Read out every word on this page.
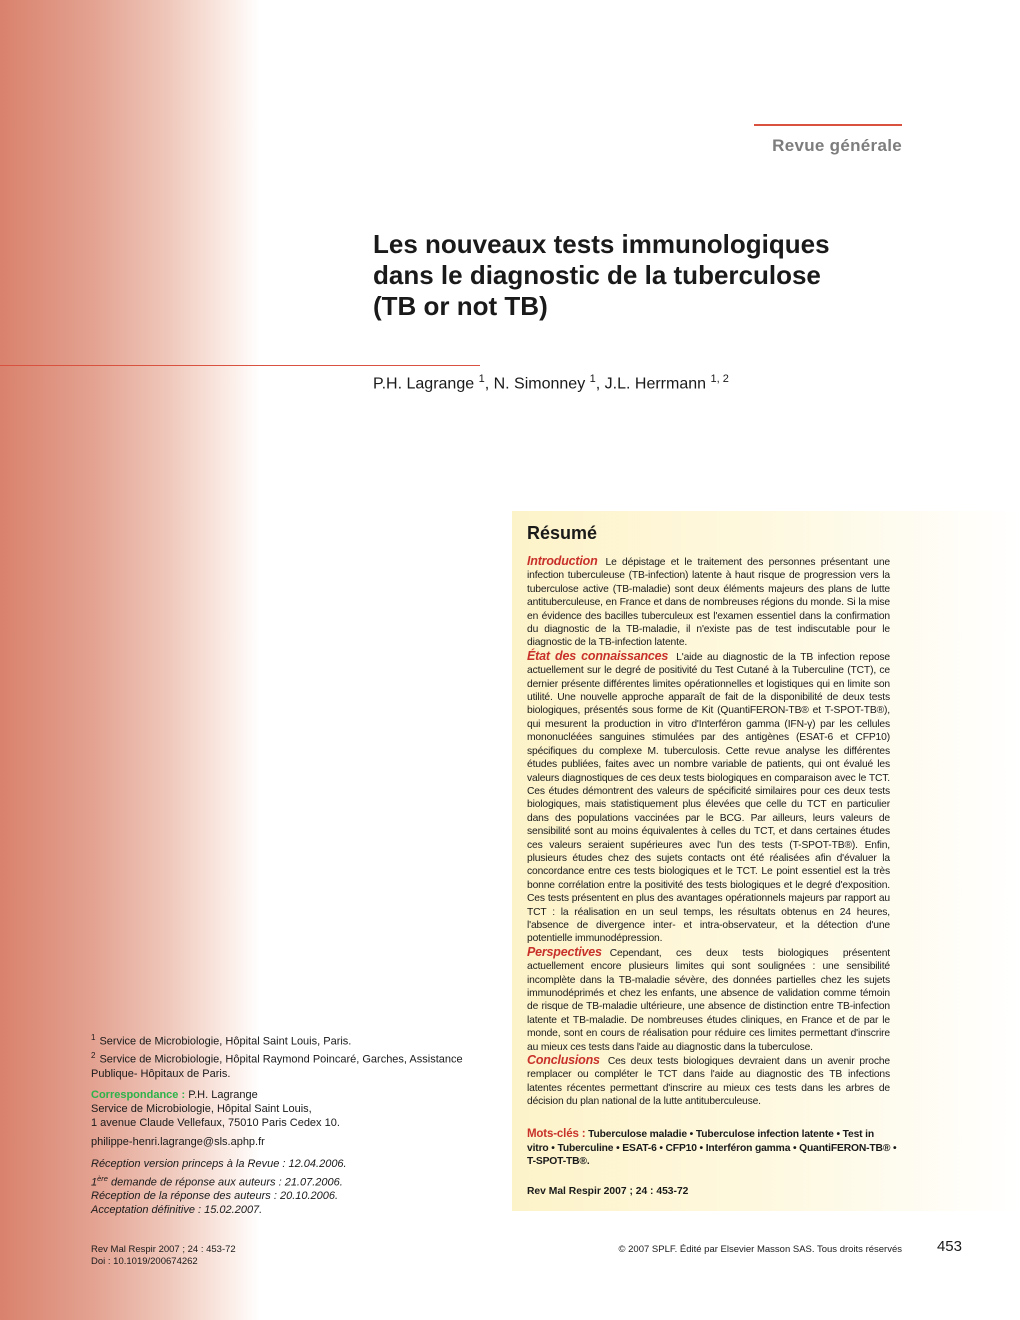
Revue générale
Les nouveaux tests immunologiques
dans le diagnostic de la tuberculose
(TB or not TB)
P.H. Lagrange $^1$, N. Simonney $^1$, J.L. Herrmann $^{1, 2}$
Résumé

Introduction Le dépistage et le traitement des personnes présentant une infection tuberculeuse (TB-infection) latente à haut risque de progression vers la tuberculose active (TB-maladie) sont deux éléments majeurs des plans de lutte antituberculeuse, en France et dans de nombreuses régions du monde. Si la mise en évidence des bacilles tuberculeux est l'examen essentiel dans la confirmation du diagnostic de la TB-maladie, il n'existe pas de test indiscutable pour le diagnostic de la TB-infection latente.

État des connaissances L'aide au diagnostic de la TB infection repose actuellement sur le degré de positivité du Test Cutané à la Tuberculine (TCT), ce dernier présente différentes limites opérationnelles et logistiques qui en limite son utilité. Une nouvelle approche apparaît de fait de la disponibilité de deux tests biologiques, présentés sous forme de Kit (QuantiFERON-TB® et T-SPOT-TB®), qui mesurent la production in vitro d'Interféron gamma (IFN-γ) par les cellules mononucléées sanguines stimulées par des antigènes (ESAT-6 et CFP10) spécifiques du complexe M. tuberculosis. Cette revue analyse les différentes études publiées, faites avec un nombre variable de patients, qui ont évalué les valeurs diagnostiques de ces deux tests biologiques en comparaison avec le TCT. Ces études démontrent des valeurs de spécificité similaires pour ces deux tests biologiques, mais statistiquement plus élevées que celle du TCT en particulier dans des populations vaccinées par le BCG. Par ailleurs, leurs valeurs de sensibilité sont au moins équivalentes à celles du TCT, et dans certaines études ces valeurs seraient supérieures avec l'un des tests (T-SPOT-TB®). Enfin, plusieurs études chez des sujets contacts ont été réalisées afin d'évaluer la concordance entre ces tests biologiques et le TCT. Le point essentiel est la très bonne corrélation entre la positivité des tests biologiques et le degré d'exposition. Ces tests présentent en plus des avantages opérationnels majeurs par rapport au TCT : la réalisation en un seul temps, les résultats obtenus en 24 heures, l'absence de divergence inter- et intra-observateur, et la détection d'une potentielle immunodépression.

Perspectives Cependant, ces deux tests biologiques présentent actuellement encore plusieurs limites qui sont soulignées : une sensibilité incomplète dans la TB-maladie sévère, des données partielles chez les sujets immunodéprimés et chez les enfants, une absence de validation comme témoin de risque de TB-maladie ultérieure, une absence de distinction entre TB-infection latente et TB-maladie. De nombreuses études cliniques, en France et de par le monde, sont en cours de réalisation pour réduire ces limites permettant d'inscrire au mieux ces tests dans l'aide au diagnostic dans la tuberculose.

Conclusions Ces deux tests biologiques devraient dans un avenir proche remplacer ou compléter le TCT dans l'aide au diagnostic des TB infections latentes récentes permettant d'inscrire au mieux ces tests dans les arbres de décision du plan national de la lutte antituberculeuse.

Mots-clés : Tuberculose maladie • Tuberculose infection latente • Test in vitro • Tuberculine • ESAT-6 • CFP10 • Interféron gamma • QuantiFERON-TB® • T-SPOT-TB®.
Rev Mal Respir 2007 ; 24 : 453-72
$^1$ Service de Microbiologie, Hôpital Saint Louis, Paris.
$^2$ Service de Microbiologie, Hôpital Raymond Poincaré, Garches, Assistance Publique- Hôpitaux de Paris.
Correspondance : P.H. Lagrange
Service de Microbiologie, Hôpital Saint Louis,
1 avenue Claude Vellefaux, 75010 Paris Cedex 10.
philippe-henri.lagrange@sls.aphp.fr
Réception version princeps à la Revue : 12.04.2006.
1ère demande de réponse aux auteurs : 21.07.2006.
Réception de la réponse des auteurs : 20.10.2006.
Acceptation définitive : 15.02.2007.
Rev Mal Respir 2007 ; 24 : 453-72
Doi : 10.1019/200674262
© 2007 SPLF. Édité par Elsevier Masson SAS. Tous droits réservés 453
